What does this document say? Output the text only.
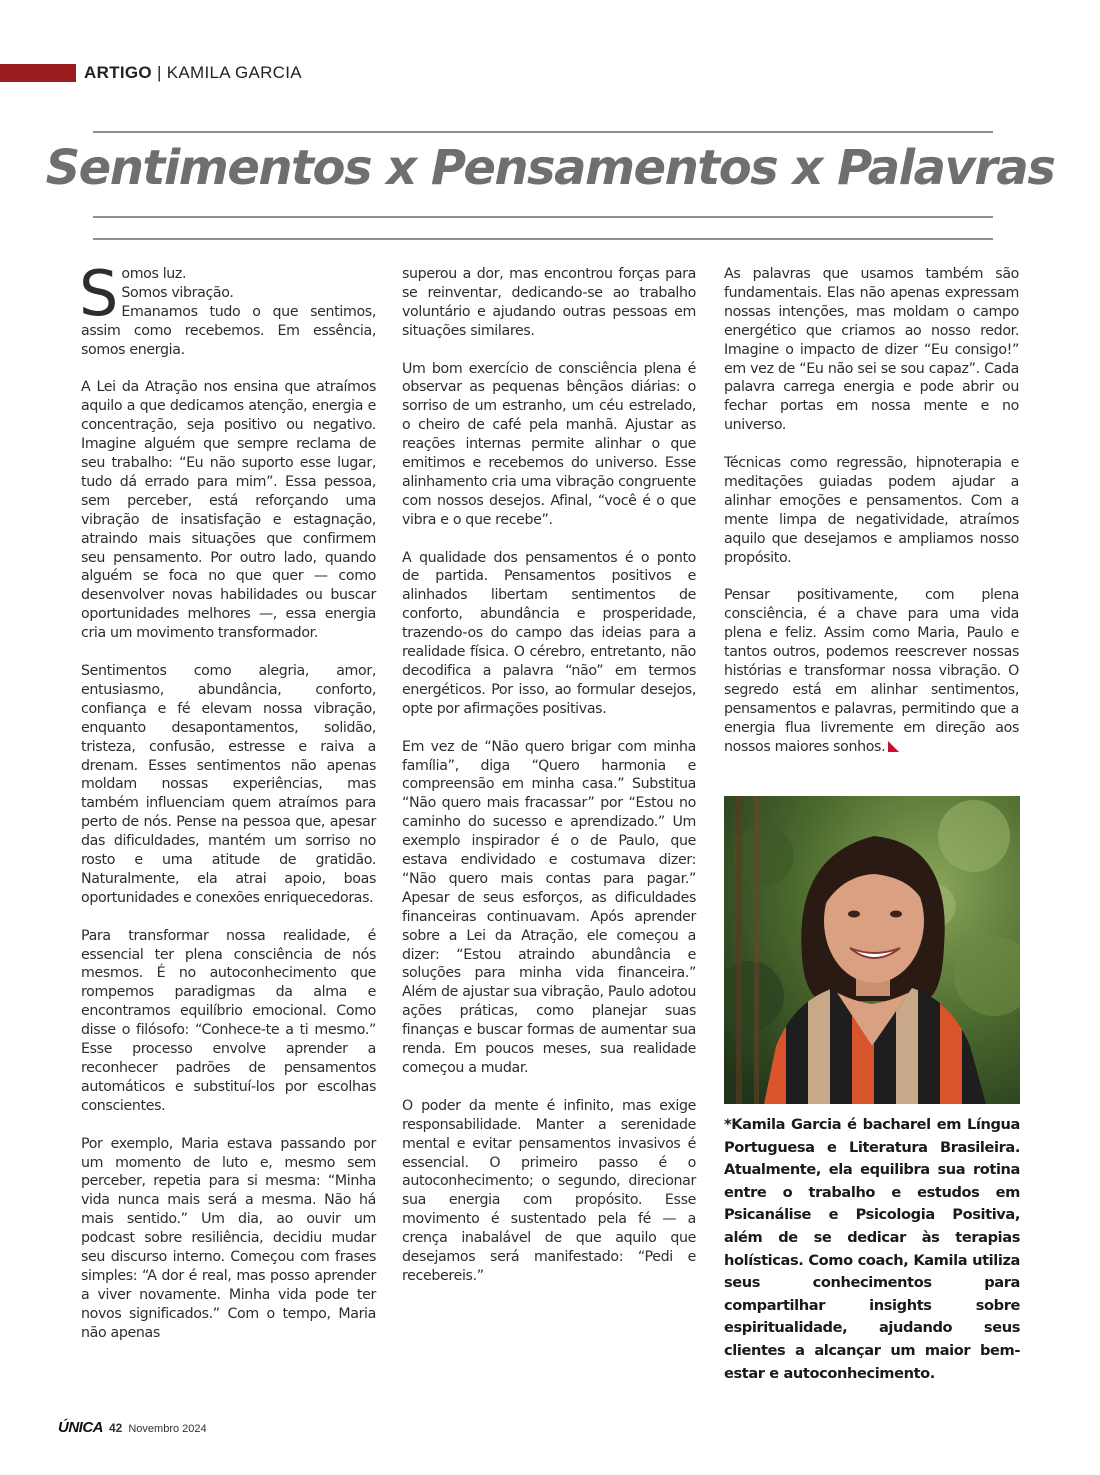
ARTIGO | KAMILA GARCIA
Sentimentos x Pensamentos x Palavras

Somos luz.
Somos vibração.
Emanamos tudo o que sentimos, assim como recebemos. Em essência, somos energia.

A Lei da Atração nos ensina que atraímos aquilo a que dedicamos atenção, energia e concentração, seja positivo ou negativo. Imagine alguém que sempre reclama de seu trabalho: “Eu não suporto esse lugar, tudo dá errado para mim”. Essa pessoa, sem perceber, está reforçando uma vibração de insatisfação e estagnação, atraindo mais situações que confirmem seu pensamento. Por outro lado, quando alguém se foca no que quer — como desenvolver novas habilidades ou buscar oportunidades melhores —, essa energia cria um movimento transformador.

Sentimentos como alegria, amor, entusiasmo, abundância, conforto, confiança e fé elevam nossa vibração, enquanto desapontamentos, solidão, tristeza, confusão, estresse e raiva a drenam. Esses sentimentos não apenas moldam nossas experiências, mas também influenciam quem atraímos para perto de nós. Pense na pessoa que, apesar das dificuldades, mantém um sorriso no rosto e uma atitude de gratidão. Naturalmente, ela atrai apoio, boas oportunidades e conexões enriquecedoras.

Para transformar nossa realidade, é essencial ter plena consciência de nós mesmos. É no autoconhecimento que rompemos paradigmas da alma e encontramos equilíbrio emocional. Como disse o filósofo: “Conhece-te a ti mesmo.” Esse processo envolve aprender a reconhecer padrões de pensamentos automáticos e substituí-los por escolhas conscientes.

Por exemplo, Maria estava passando por um momento de luto e, mesmo sem perceber, repetia para si mesma: “Minha vida nunca mais será a mesma. Não há mais sentido.” Um dia, ao ouvir um podcast sobre resiliência, decidiu mudar seu discurso interno. Começou com frases simples: “A dor é real, mas posso aprender a viver novamente. Minha vida pode ter novos significados.” Com o tempo, Maria não apenas

superou a dor, mas encontrou forças para se reinventar, dedicando-se ao trabalho voluntário e ajudando outras pessoas em situações similares.

Um bom exercício de consciência plena é observar as pequenas bênçãos diárias: o sorriso de um estranho, um céu estrelado, o cheiro de café pela manhã. Ajustar as reações internas permite alinhar o que emitimos e recebemos do universo. Esse alinhamento cria uma vibração congruente com nossos desejos. Afinal, “você é o que vibra e o que recebe”.

A qualidade dos pensamentos é o ponto de partida. Pensamentos positivos e alinhados libertam sentimentos de conforto, abundância e prosperidade, trazendo-os do campo das ideias para a realidade física. O cérebro, entretanto, não decodifica a palavra “não” em termos energéticos. Por isso, ao formular desejos, opte por afirmações positivas.

Em vez de “Não quero brigar com minha família”, diga “Quero harmonia e compreensão em minha casa.” Substitua “Não quero mais fracassar” por “Estou no caminho do sucesso e aprendizado.” Um exemplo inspirador é o de Paulo, que estava endividado e costumava dizer: “Não quero mais contas para pagar.” Apesar de seus esforços, as dificuldades financeiras continuavam. Após aprender sobre a Lei da Atração, ele começou a dizer: “Estou atraindo abundância e soluções para minha vida financeira.” Além de ajustar sua vibração, Paulo adotou ações práticas, como planejar suas finanças e buscar formas de aumentar sua renda. Em poucos meses, sua realidade começou a mudar.

O poder da mente é infinito, mas exige responsabilidade. Manter a serenidade mental e evitar pensamentos invasivos é essencial. O primeiro passo é o autoconhecimento; o segundo, direcionar sua energia com propósito. Esse movimento é sustentado pela fé — a crença inabalável de que aquilo que desejamos será manifestado: “Pedi e recebereis.”

As palavras que usamos também são fundamentais. Elas não apenas expressam nossas intenções, mas moldam o campo energético que criamos ao nosso redor. Imagine o impacto de dizer “Eu consigo!” em vez de “Eu não sei se sou capaz”. Cada palavra carrega energia e pode abrir ou fechar portas em nossa mente e no universo.

Técnicas como regressão, hipnoterapia e meditações guiadas podem ajudar a alinhar emoções e pensamentos. Com a mente limpa de negatividade, atraímos aquilo que desejamos e ampliamos nosso propósito.

Pensar positivamente, com plena consciência, é a chave para uma vida plena e feliz. Assim como Maria, Paulo e tantos outros, podemos reescrever nossas histórias e transformar nossa vibração. O segredo está em alinhar sentimentos, pensamentos e palavras, permitindo que a energia flua livremente em direção aos nossos maiores sonhos.

*Kamila Garcia é bacharel em Língua Portuguesa e Literatura Brasileira. Atualmente, ela equilibra sua rotina entre o trabalho e estudos em Psicanálise e Psicologia Positiva, além de se dedicar às terapias holísticas. Como coach, Kamila utiliza seus conhecimentos para compartilhar insights sobre espiritualidade, ajudando seus clientes a alcançar um maior bem-estar e autoconhecimento.
ÚNICA 42 Novembro 2024
